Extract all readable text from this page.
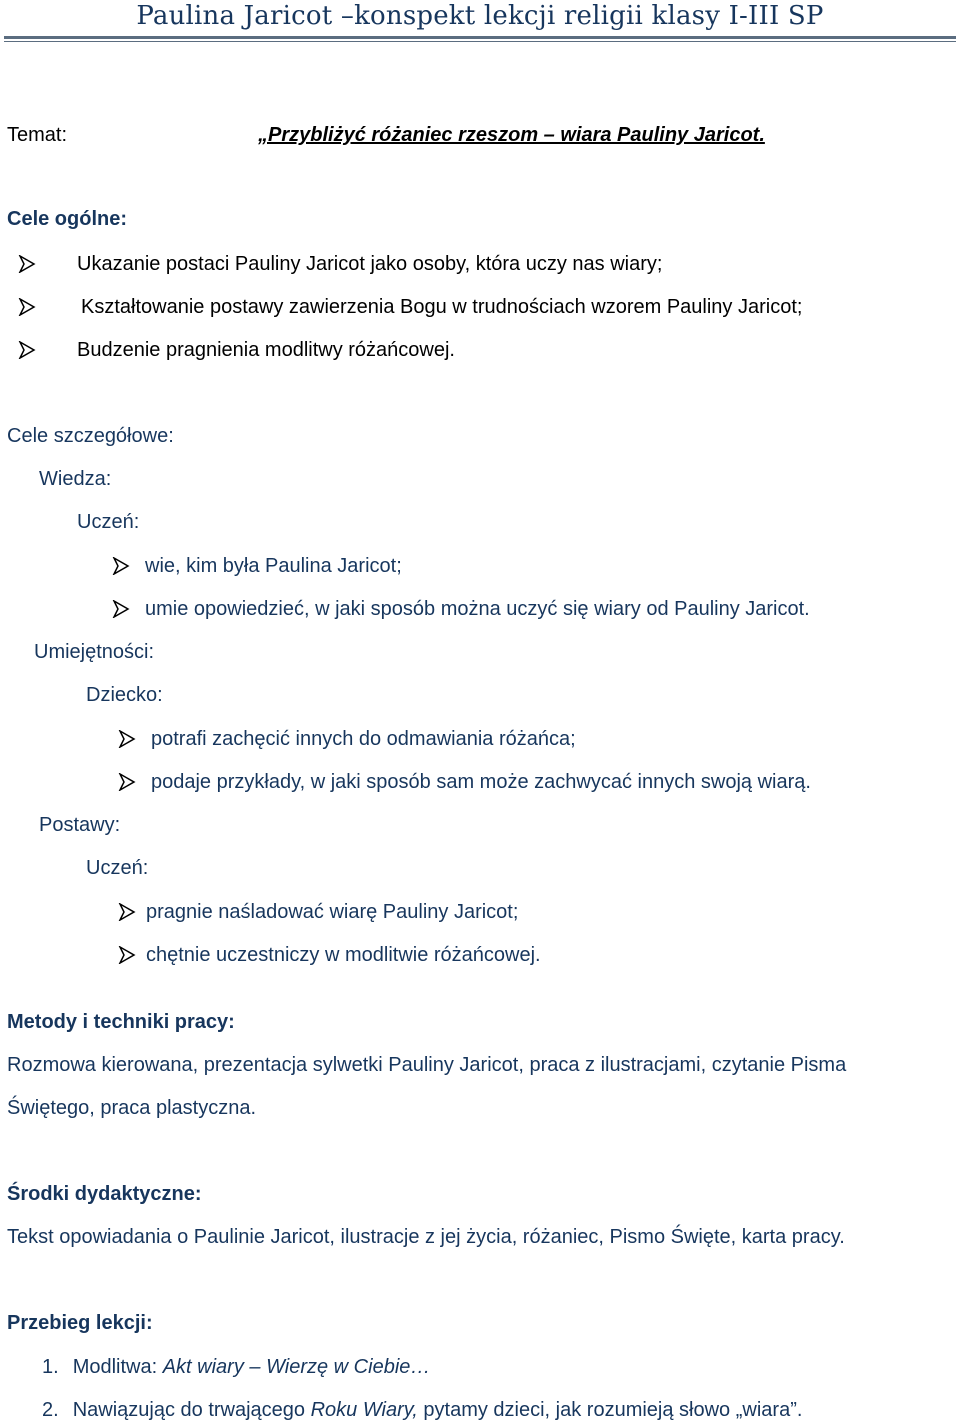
Paulina Jaricot –konspekt lekcji religii klasy I-III SP
Temat:	„Przybliżyć różaniec rzeszom – wiara Pauliny Jaricot.
Cele ogólne:
Ukazanie postaci Pauliny Jaricot jako osoby, która uczy nas wiary;
Kształtowanie postawy zawierzenia Bogu w trudnościach wzorem Pauliny Jaricot;
Budzenie pragnienia modlitwy różańcowej.
Cele szczegółowe:
Wiedza:
Uczeń:
wie, kim była Paulina Jaricot;
umie opowiedzieć, w jaki sposób można uczyć się wiary od Pauliny Jaricot.
Umiejętności:
Dziecko:
potrafi zachęcić innych do odmawiania różańca;
podaje przykłady, w jaki sposób sam może zachwycać innych swoją wiarą.
Postawy:
Uczeń:
pragnie naśladować wiarę Pauliny Jaricot;
chętnie uczestniczy w modlitwie różańcowej.
Metody i techniki pracy:
Rozmowa kierowana, prezentacja sylwetki Pauliny Jaricot, praca z ilustracjami, czytanie Pisma
Świętego, praca plastyczna.
Środki dydaktyczne:
Tekst opowiadania o Paulinie Jaricot, ilustracje z jej życia, różaniec, Pismo Święte, karta pracy.
Przebieg lekcji:
1. Modlitwa: Akt wiary – Wierzę w Ciebie…
2. Nawiązując do trwającego Roku Wiary, pytamy dzieci, jak rozumieją słowo „wiara”.
